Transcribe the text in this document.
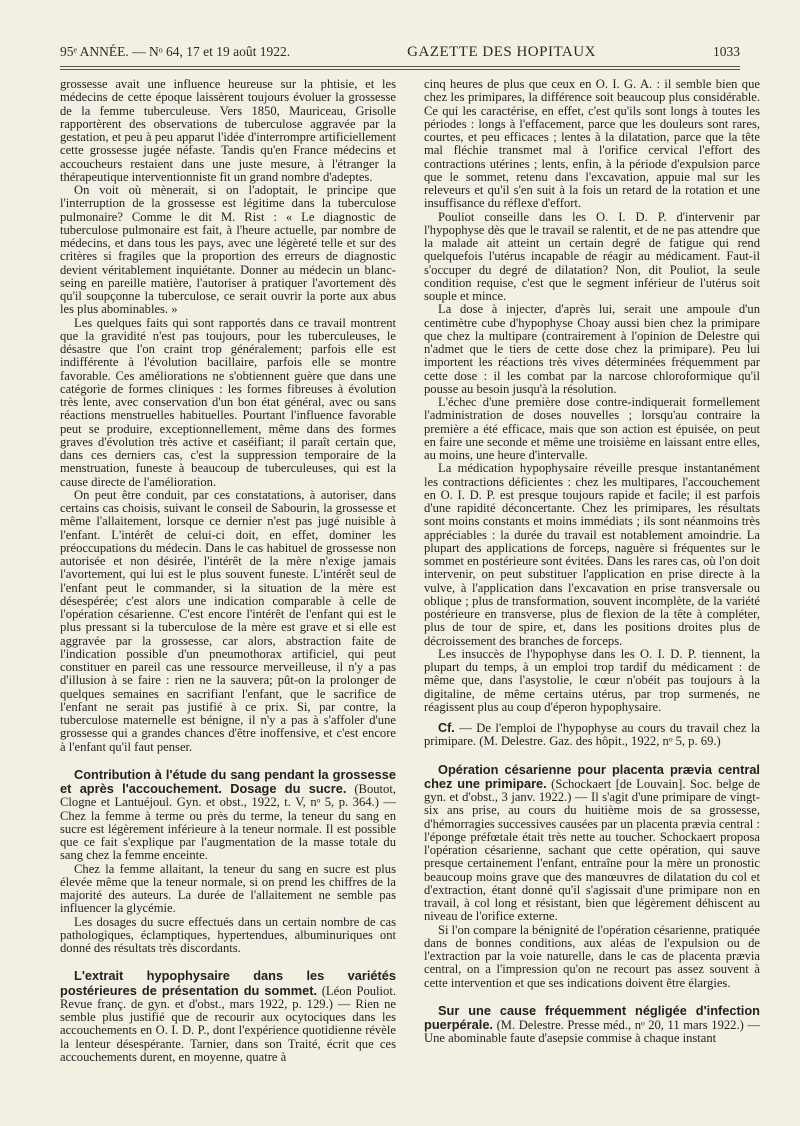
95ᵉ ANNÉE. — Nᵒ 64, 17 et 19 août 1922.	GAZETTE DES HOPITAUX	1033

grossesse avait une influence heureuse sur la phtisie, et les médecins de cette époque laissèrent toujours évoluer la grossesse de la femme tuberculeuse. Vers 1850, Mauriceau, Grisolle rapportèrent des observations de tuberculose aggravée par la gestation, et peu à peu apparut l'idée d'interrompre artificiellement cette grossesse jugée néfaste. Tandis qu'en France médecins et accoucheurs restaient dans une juste mesure, à l'étranger la thérapeutique interventionniste fit un grand nombre d'adeptes.

On voit où mènerait, si on l'adoptait, le principe que l'interruption de la grossesse est légitime dans la tuberculose pulmonaire? Comme le dit M. Rist : « Le diagnostic de tuberculose pulmonaire est fait, à l'heure actuelle, par nombre de médecins, et dans tous les pays, avec une légèreté telle et sur des critères si fragiles que la proportion des erreurs de diagnostic devient véritablement inquiétante. Donner au médecin un blanc-seing en pareille matière, l'autoriser à pratiquer l'avortement dès qu'il soupçonne la tuberculose, ce serait ouvrir la porte aux abus les plus abominables. »

Les quelques faits qui sont rapportés dans ce travail montrent que la gravidité n'est pas toujours, pour les tuberculeuses, le désastre que l'on craint trop généralement; parfois elle est indifférente à l'évolution bacillaire, parfois elle se montre favorable. Ces améliorations ne s'obtiennent guère que dans une catégorie de formes cliniques : les formes fibreuses à évolution très lente, avec conservation d'un bon état général, avec ou sans réactions menstruelles habituelles. Pourtant l'influence favorable peut se produire, exceptionnellement, même dans des formes graves d'évolution très active et caséifiant; il paraît certain que, dans ces derniers cas, c'est la suppression temporaire de la menstruation, funeste à beaucoup de tuberculeuses, qui est la cause directe de l'amélioration.

On peut être conduit, par ces constatations, à autoriser, dans certains cas choisis, suivant le conseil de Sabourin, la grossesse et même l'allaitement, lorsque ce dernier n'est pas jugé nuisible à l'enfant. L'intérêt de celui-ci doit, en effet, dominer les préoccupations du médecin. Dans le cas habituel de grossesse non autorisée et non désirée, l'intérêt de la mère n'exige jamais l'avortement, qui lui est le plus souvent funeste. L'intérêt seul de l'enfant peut le commander, si la situation de la mère est désespérée; c'est alors une indication comparable à celle de l'opération césarienne. C'est encore l'intérêt de l'enfant qui est le plus pressant si la tuberculose de la mère est grave et si elle est aggravée par la grossesse, car alors, abstraction faite de l'indication possible d'un pneumothorax artificiel, qui peut constituer en pareil cas une ressource merveilleuse, il n'y a pas d'illusion à se faire : rien ne la sauvera; pût-on la prolonger de quelques semaines en sacrifiant l'enfant, que le sacrifice de l'enfant ne serait pas justifié à ce prix. Si, par contre, la tuberculose maternelle est bénigne, il n'y a pas à s'affoler d'une grossesse qui a grandes chances d'être inoffensive, et c'est encore à l'enfant qu'il faut penser.

Contribution à l'étude du sang pendant la grossesse et après l'accouchement. Dosage du sucre. (Boutot, Clogne et Lantuéjoul. Gyn. et obst., 1922, t. V, nᵒ 5, p. 364.) — Chez la femme à terme ou près du terme, la teneur du sang en sucre est légèrement inférieure à la teneur normale. Il est possible que ce fait s'explique par l'augmentation de la masse totale du sang chez la femme enceinte.

Chez la femme allaitant, la teneur du sang en sucre est plus élevée même que la teneur normale, si on prend les chiffres de la majorité des auteurs. La durée de l'allaitement ne semble pas influencer la glycémie.

Les dosages du sucre effectués dans un certain nombre de cas pathologiques, éclamptiques, hypertendues, albuminuriques ont donné des résultats très discordants.

L'extrait hypophysaire dans les variétés postérieures de présentation du sommet. (Léon Pouliot. Revue franç. de gyn. et d'obst., mars 1922, p. 129.) — Rien ne semble plus justifié que de recourir aux ocytociques dans les accouchements en O. I. D. P., dont l'expérience quotidienne révèle la lenteur désespérante. Tarnier, dans son Traité, écrit que ces accouchements durent, en moyenne, quatre à

cinq heures de plus que ceux en O. I. G. A. : il semble bien que chez les primipares, la différence soit beaucoup plus considérable. Ce qui les caractérise, en effet, c'est qu'ils sont longs à toutes les périodes : longs à l'effacement, parce que les douleurs sont rares, courtes, et peu efficaces ; lentes à la dilatation, parce que la tête mal fléchie transmet mal à l'orifice cervical l'effort des contractions utérines ; lents, enfin, à la période d'expulsion parce que le sommet, retenu dans l'excavation, appuie mal sur les releveurs et qu'il s'en suit à la fois un retard de la rotation et une insuffisance du réflexe d'effort.

Pouliot conseille dans les O. I. D. P. d'intervenir par l'hypophyse dès que le travail se ralentit, et de ne pas attendre que la malade ait atteint un certain degré de fatigue qui rend quelquefois l'utérus incapable de réagir au médicament. Faut-il s'occuper du degré de dilatation? Non, dit Pouliot, la seule condition requise, c'est que le segment inférieur de l'utérus soit souple et mince.

La dose à injecter, d'après lui, serait une ampoule d'un centimètre cube d'hypophyse Choay aussi bien chez la primipare que chez la multipare (contrairement à l'opinion de Delestre qui n'admet que le tiers de cette dose chez la primipare). Peu lui importent les réactions très vives déterminées fréquemment par cette dose : il les combat par la narcose chloroformique qu'il pousse au besoin jusqu'à la résolution.

L'échec d'une première dose contre-indiquerait formellement l'administration de doses nouvelles ; lorsqu'au contraire la première a été efficace, mais que son action est épuisée, on peut en faire une seconde et même une troisième en laissant entre elles, au moins, une heure d'intervalle.

La médication hypophysaire réveille presque instantanément les contractions déficientes : chez les multipares, l'accouchement en O. I. D. P. est presque toujours rapide et facile; il est parfois d'une rapidité déconcertante. Chez les primipares, les résultats sont moins constants et moins immédiats ; ils sont néanmoins très appréciables : la durée du travail est notablement amoindrie. La plupart des applications de forceps, naguère si fréquentes sur le sommet en postérieure sont évitées. Dans les rares cas, où l'on doit intervenir, on peut substituer l'application en prise directe à la vulve, à l'application dans l'excavation en prise transversale ou oblique ; plus de transformation, souvent incomplète, de la variété postérieure en transverse, plus de flexion de la tête à compléter, plus de tour de spire, et, dans les positions droites plus de décroissement des branches de forceps.

Les insuccès de l'hypophyse dans les O. I. D. P. tiennent, la plupart du temps, à un emploi trop tardif du médicament : de même que, dans l'asystolie, le cœur n'obéit pas toujours à la digitaline, de même certains utérus, par trop surmenés, ne réagissent plus au coup d'éperon hypophysaire.

Cf. — De l'emploi de l'hypophyse au cours du travail chez la primipare. (M. Delestre. Gaz. des hôpit., 1922, nᵒ 5, p. 69.)

Opération césarienne pour placenta prævia central chez une primipare. (Schockaert [de Louvain]. Soc. belge de gyn. et d'obst., 3 janv. 1922.) — Il s'agit d'une primipare de vingt-six ans prise, au cours du huitième mois de sa grossesse, d'hémorragies successives causées par un placenta prævia central : l'éponge préfœtale était très nette au toucher. Schockaert proposa l'opération césarienne, sachant que cette opération, qui sauve presque certainement l'enfant, entraîne pour la mère un pronostic beaucoup moins grave que des manœuvres de dilatation du col et d'extraction, étant donné qu'il s'agissait d'une primipare non en travail, à col long et résistant, bien que légèrement déhiscent au niveau de l'orifice externe.

Si l'on compare la bénignité de l'opération césarienne, pratiquée dans de bonnes conditions, aux aléas de l'expulsion ou de l'extraction par la voie naturelle, dans le cas de placenta prævia central, on a l'impression qu'on ne recourt pas assez souvent à cette intervention et que ses indications doivent être élargies.

Sur une cause fréquemment négligée d'infection puerpérale. (M. Delestre. Presse méd., nᵒ 20, 11 mars 1922.) — Une abominable faute d'asepsie commise à chaque instant
